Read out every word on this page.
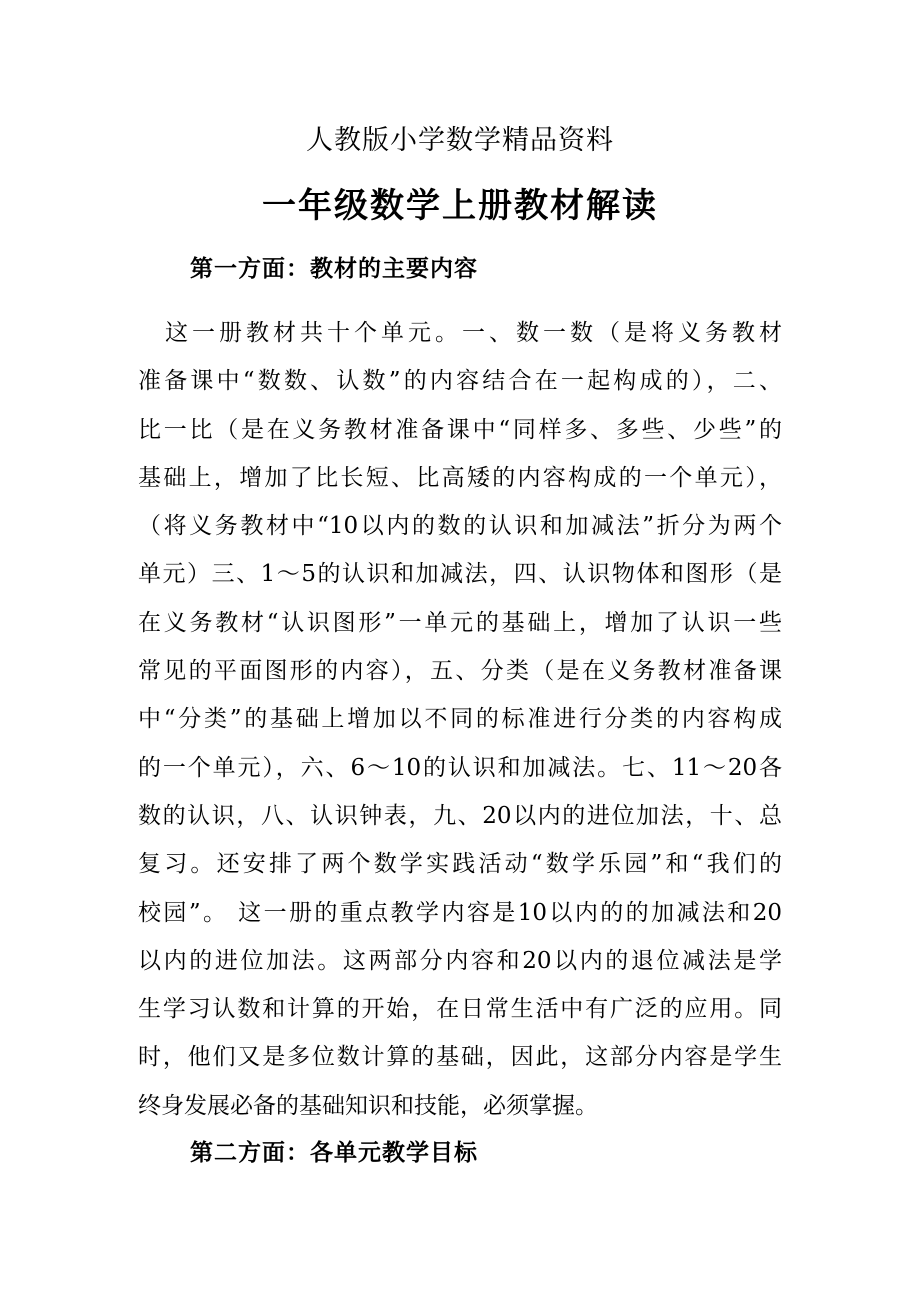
人教版小学数学精品资料
一年级数学上册教材解读
第一方面：教材的主要内容
　这一册教材共十个单元。一、数一数（是将义务教材
准备课中“数数、认数”的内容结合在一起构成的），二、
比一比（是在义务教材准备课中“同样多、多些、少些”的
基础上，增加了比长短、比高矮的内容构成的一个单元），
（将义务教材中“10以内的数的认识和加减法”折分为两个
单元）三、1～5的认识和加减法，四、认识物体和图形（是
在义务教材“认识图形”一单元的基础上，增加了认识一些
常见的平面图形的内容），五、分类（是在义务教材准备课
中“分类”的基础上增加以不同的标准进行分类的内容构成
的一个单元），六、6～10的认识和加减法。七、11～20各
数的认识，八、认识钟表，九、20以内的进位加法，十、总
复习。还安排了两个数学实践活动“数学乐园”和“我们的
校园”。 这一册的重点教学内容是10以内的的加减法和20
以内的进位加法。这两部分内容和20以内的退位减法是学
生学习认数和计算的开始，在日常生活中有广泛的应用。同
时，他们又是多位数计算的基础，因此，这部分内容是学生
终身发展必备的基础知识和技能，必须掌握。
第二方面：各单元教学目标
